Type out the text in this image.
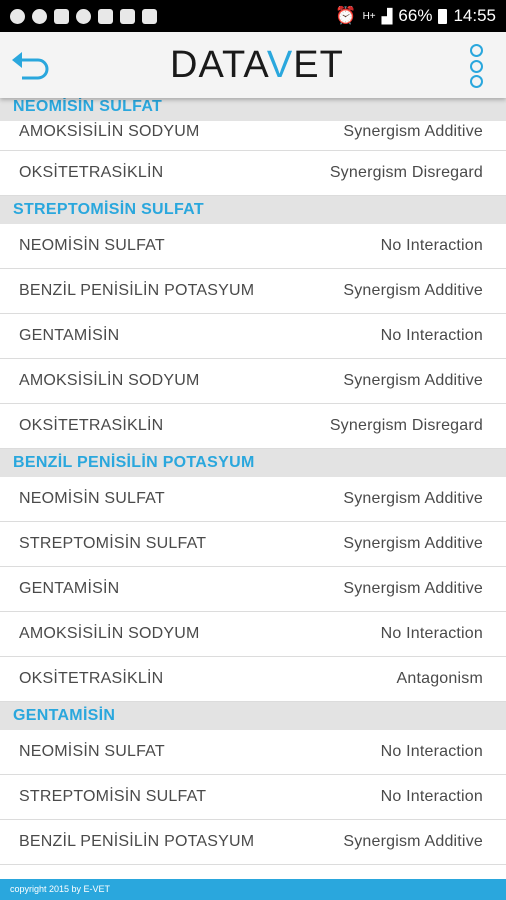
⏰ H+ ▟ 66% 14:55
DATAVET
NEOMİSİN SULFAT
AMOKSİSİLİN SODYUM	Synergism Additive
OKSİTETRASİKLİN	Synergism Disregard
STREPTOMİSİN SULFAT
NEOMİSİN SULFAT	No Interaction
BENZİL PENİSİLİN POTASYUM	Synergism Additive
GENTAMİSİN	No Interaction
AMOKSİSİLİN SODYUM	Synergism Additive
OKSİTETRASİKLİN	Synergism Disregard
BENZİL PENİSİLİN POTASYUM
NEOMİSİN SULFAT	Synergism Additive
STREPTOMİSİN SULFAT	Synergism Additive
GENTAMİSİN	Synergism Additive
AMOKSİSİLİN SODYUM	No Interaction
OKSİTETRASİKLİN	Antagonism
GENTAMİSİN
NEOMİSİN SULFAT	No Interaction
STREPTOMİSİN SULFAT	No Interaction
BENZİL PENİSİLİN POTASYUM	Synergism Additive
copyright 2015 by E-VET
